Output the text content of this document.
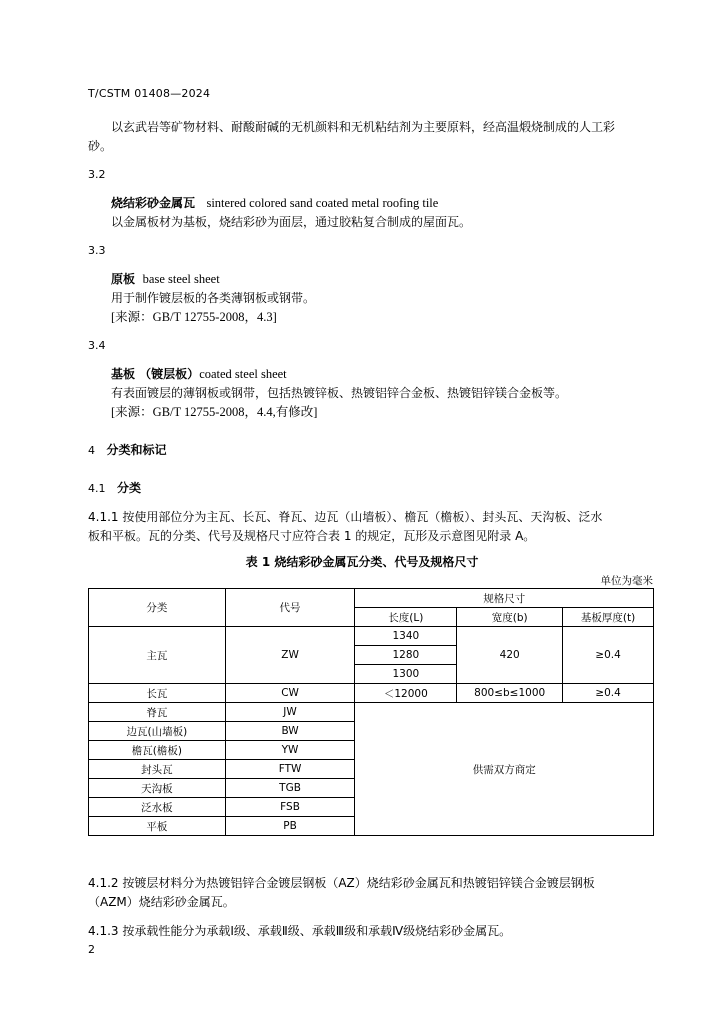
T/CSTM 01408—2024
以玄武岩等矿物材料、耐酸耐碱的无机颜料和无机粘结剂为主要原料，经高温煅烧制成的人工彩
砂。
3.2
烧结彩砂金属瓦 sintered colored sand coated metal roofing tile
以金属板材为基板，烧结彩砂为面层，通过胶粘复合制成的屋面瓦。
3.3
原板 base steel sheet
用于制作镀层板的各类薄钢板或钢带。
[来源：GB/T 12755-2008，4.3]
3.4
基板 （镀层板）coated steel sheet
有表面镀层的薄钢板或钢带，包括热镀锌板、热镀铝锌合金板、热镀铝锌镁合金板等。
[来源：GB/T 12755-2008，4.4,有修改]
4 分类和标记
4.1 分类
4.1.1 按使用部位分为主瓦、长瓦、脊瓦、边瓦（山墙板）、檐瓦（檐板）、封头瓦、天沟板、泛水
板和平板。瓦的分类、代号及规格尺寸应符合表 1 的规定，瓦形及示意图见附录 A。
表 1 烧结彩砂金属瓦分类、代号及规格尺寸
单位为毫米
分类	代号	规格尺寸		
		长度(L)	宽度(b)	基板厚度(t)
主瓦	ZW	1340	420	≥0.4
		1280		
		1300		
长瓦	CW	＜12000	800≤b≤1000	≥0.4
脊瓦	JW	供需双方商定		
边瓦(山墙板)	BW			
檐瓦(檐板)	YW			
封头瓦	FTW			
天沟板	TGB			
泛水板	FSB			
平板	PB			
4.1.2 按镀层材料分为热镀铝锌合金镀层钢板（AZ）烧结彩砂金属瓦和热镀铝锌镁合金镀层钢板
（AZM）烧结彩砂金属瓦。
4.1.3 按承载性能分为承载Ⅰ级、承载Ⅱ级、承载Ⅲ级和承载Ⅳ级烧结彩砂金属瓦。
2
